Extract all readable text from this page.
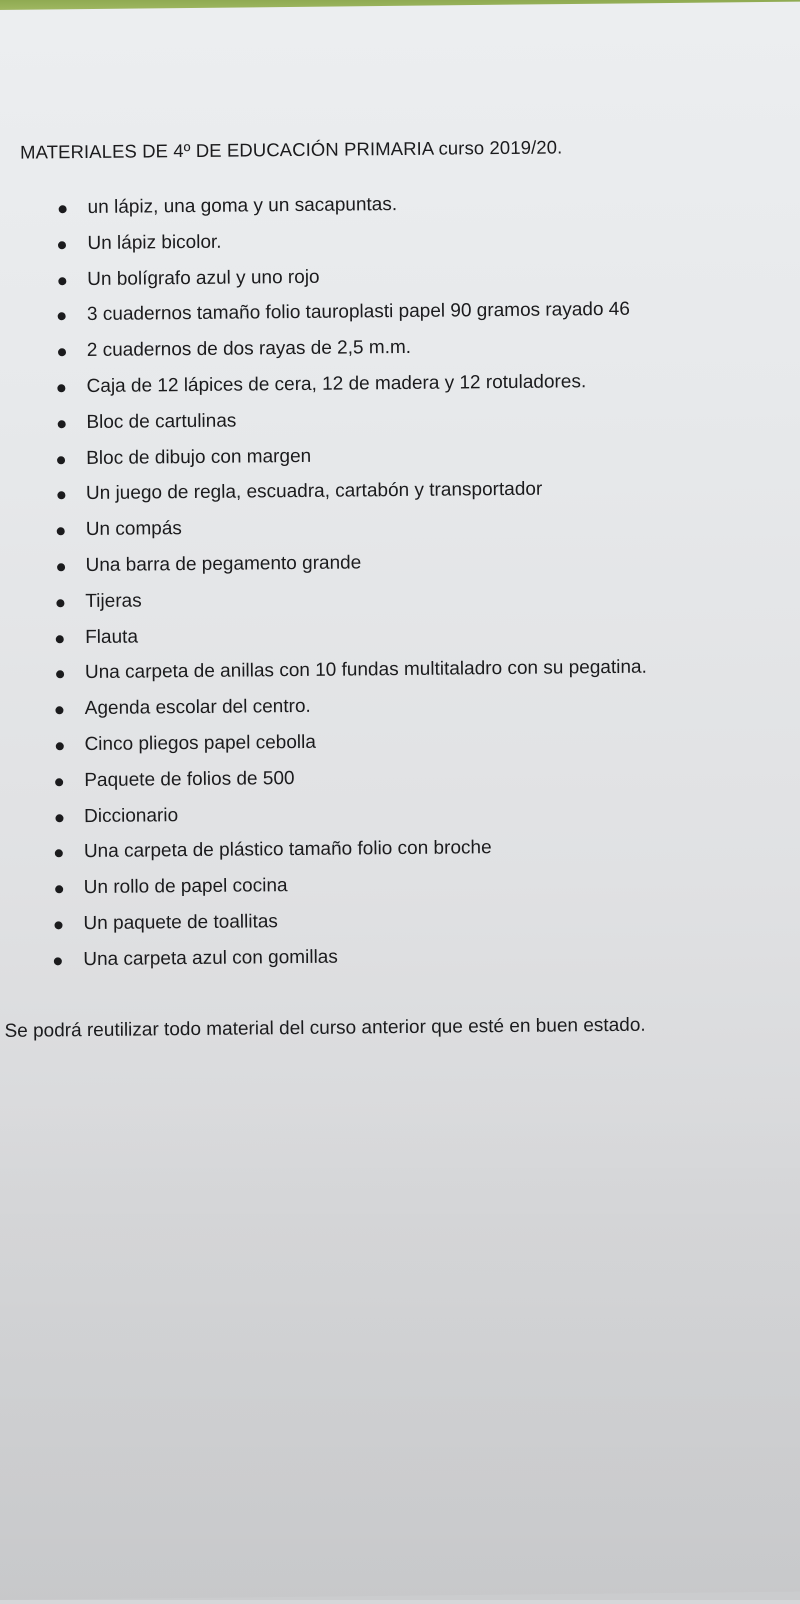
MATERIALES DE 4º DE EDUCACIÓN PRIMARIA curso 2019/20.
un lápiz, una goma y un sacapuntas.
Un lápiz bicolor.
Un bolígrafo azul y uno rojo
3 cuadernos tamaño folio tauroplasti papel 90 gramos rayado 46
2 cuadernos de dos rayas de 2,5 m.m.
Caja de 12 lápices de cera, 12 de madera y 12 rotuladores.
Bloc de cartulinas
Bloc de dibujo con margen
Un juego de regla, escuadra, cartabón y transportador
Un compás
Una barra de pegamento grande
Tijeras
Flauta
Una carpeta de anillas con 10 fundas multitaladro con su pegatina.
Agenda escolar del centro.
Cinco pliegos papel cebolla
Paquete de folios de 500
Diccionario
Una carpeta de plástico tamaño folio con broche
Un rollo de papel cocina
Un paquete de toallitas
Una carpeta azul con gomillas

Se podrá reutilizar todo material del curso anterior que esté en buen estado.
